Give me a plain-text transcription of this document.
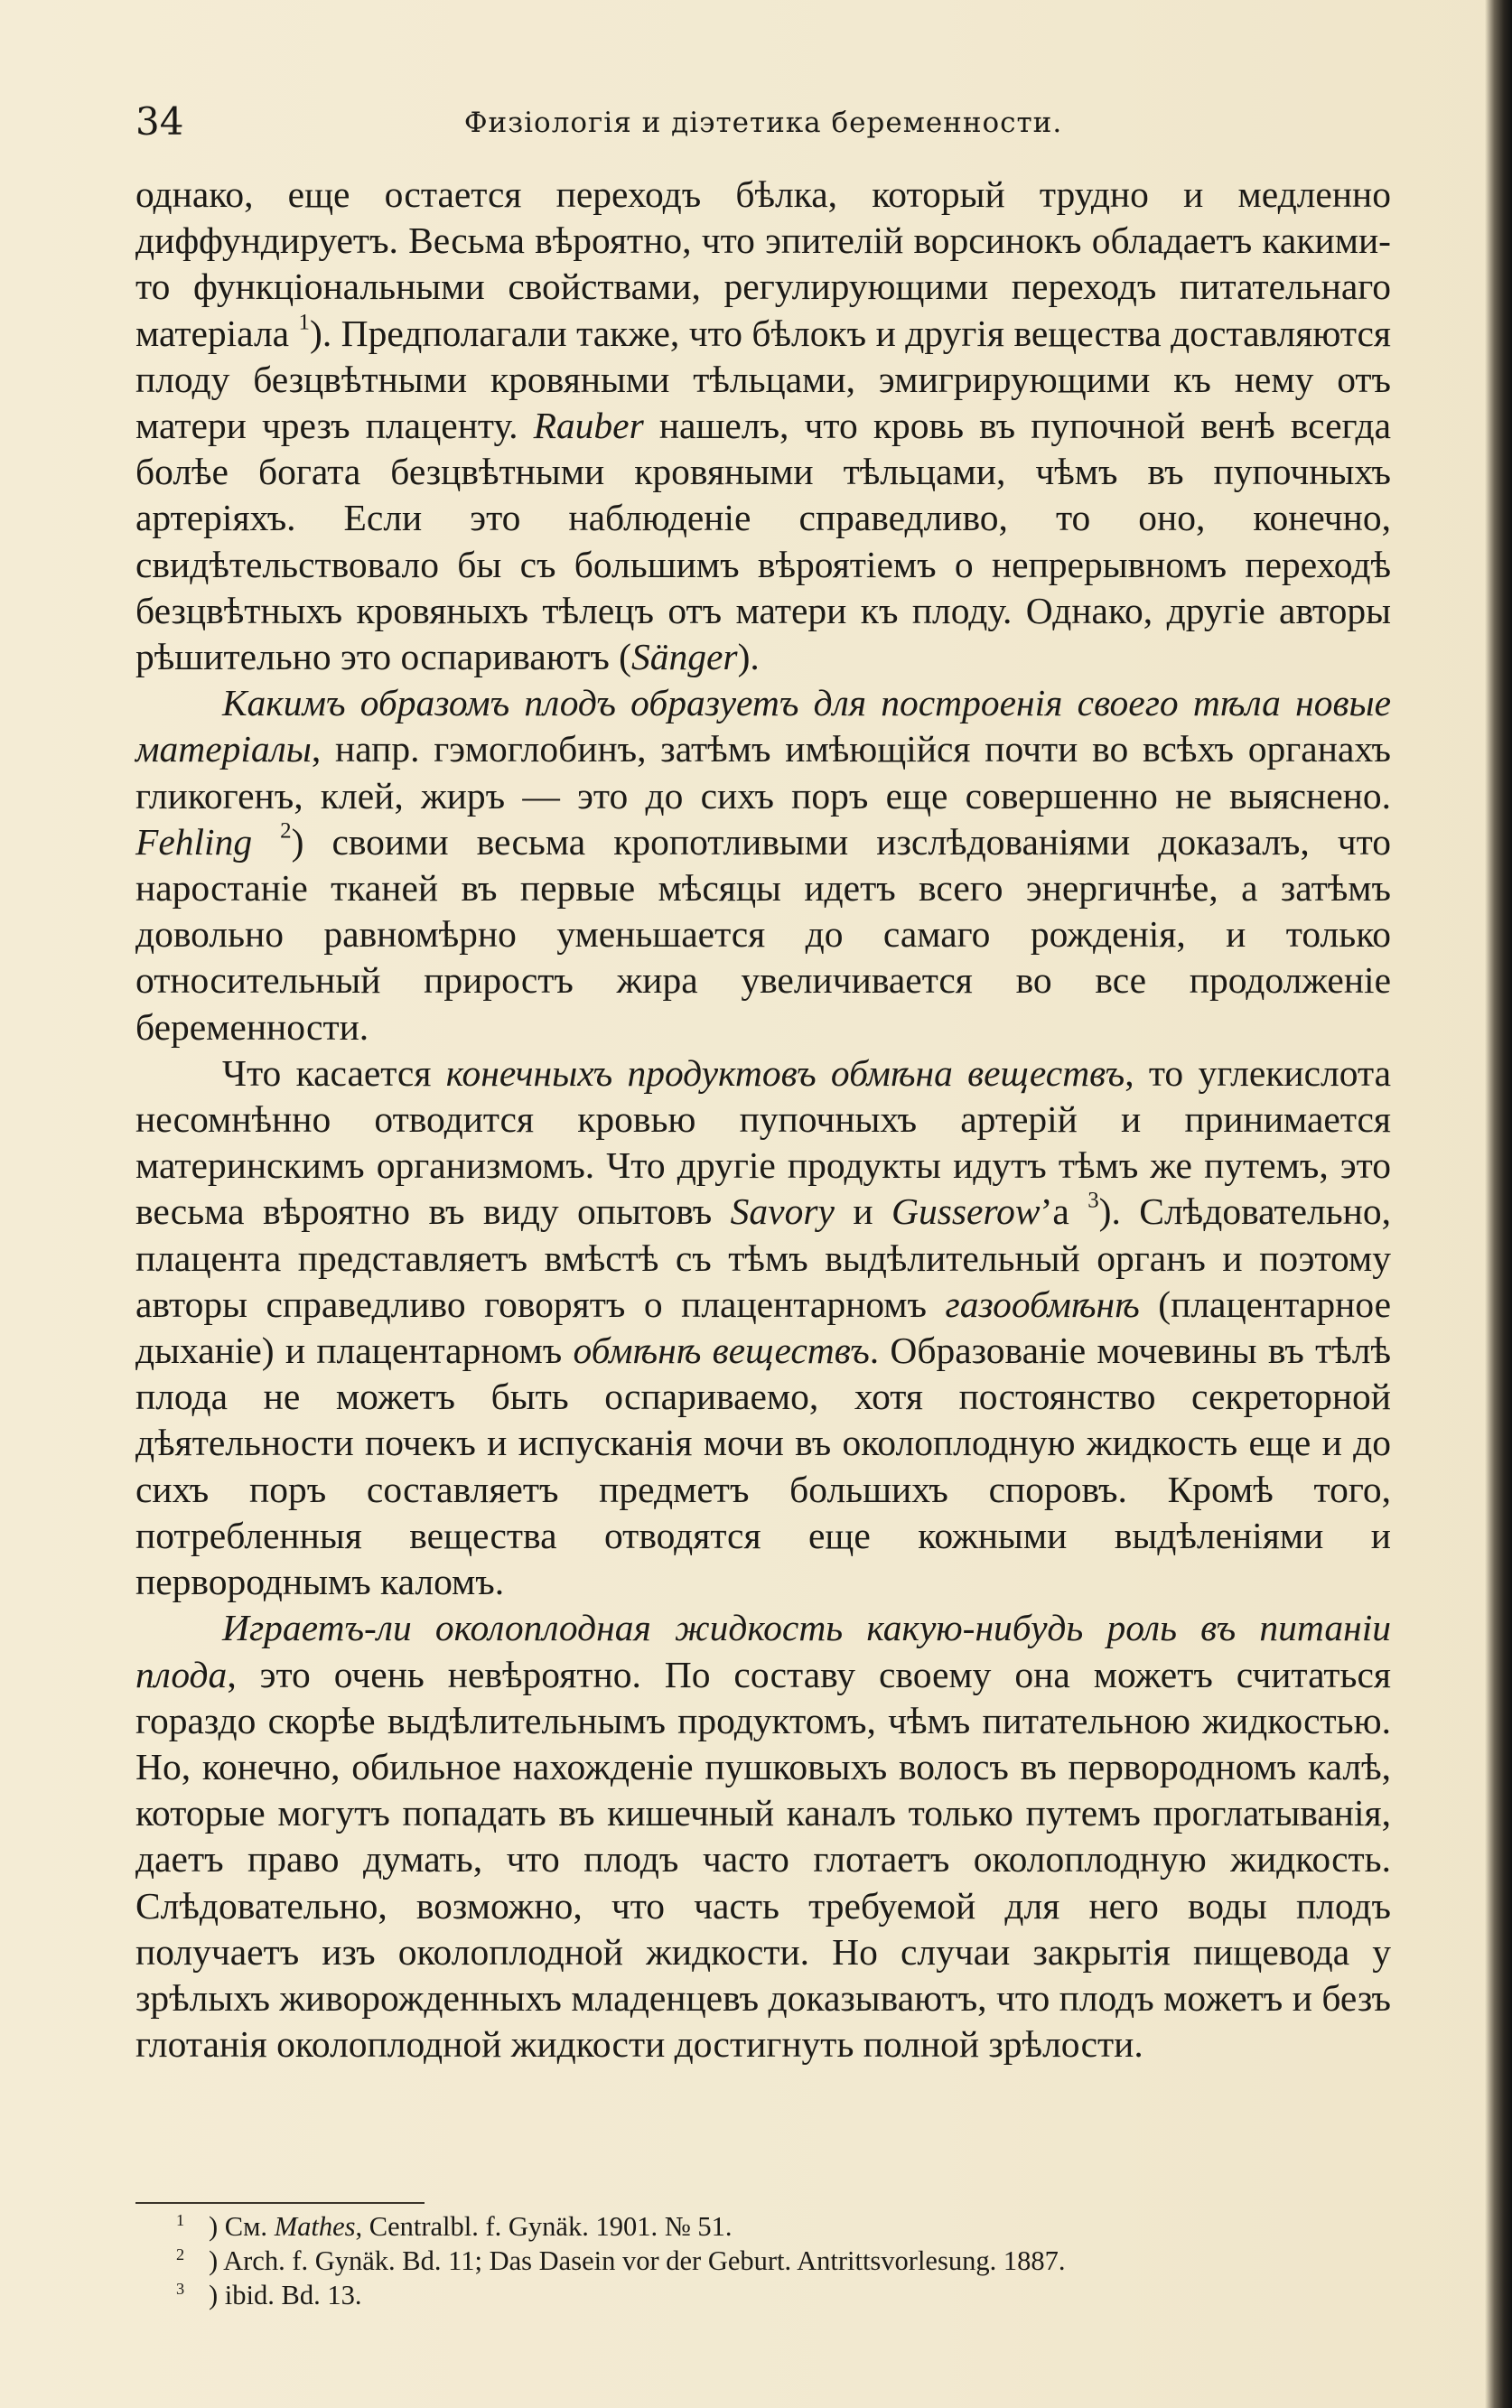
34	Физіологія и діэтетика беременности.

однако, еще остается переходъ бѣлка, который трудно и медленно диффундируетъ. Весьма вѣроятно, что эпителій ворсинокъ обладаетъ какими-то функціональными свойствами, регулирующими переходъ питательнаго матеріала $^1$). Предполагали также, что бѣлокъ и другія вещества доставляются плоду безцвѣтными кровяными тѣльцами, эмигрирующими къ нему отъ матери чрезъ плаценту. Rauber нашелъ, что кровь въ пупочной венѣ всегда болѣе богата безцвѣтными кровяными тѣльцами, чѣмъ въ пупочныхъ артеріяхъ. Если это наблюденіе справедливо, то оно, конечно, свидѣтельствовало бы съ большимъ вѣроятіемъ о непрерывномъ переходѣ безцвѣтныхъ кровяныхъ тѣлецъ отъ матери къ плоду. Однако, другіе авторы рѣшительно это оспариваютъ (Sänger).

Какимъ образомъ плодъ образуетъ для построенія своего тѣла новые матеріалы, напр. гэмоглобинъ, затѣмъ имѣющійся почти во всѣхъ органахъ гликогенъ, клей, жиръ — это до сихъ поръ еще совершенно не выяснено. Fehling $^2$) своими весьма кропотливыми изслѣдованіями доказалъ, что наростаніе тканей въ первые мѣсяцы идетъ всего энергичнѣе, а затѣмъ довольно равномѣрно уменьшается до самаго рожденія, и только относительный приростъ жира увеличивается во все продолженіе беременности.

Что касается конечныхъ продуктовъ обмѣна веществъ, то углекислота несомнѣнно отводится кровью пупочныхъ артерій и принимается материнскимъ организмомъ. Что другіе продукты идутъ тѣмъ же путемъ, это весьма вѣроятно въ виду опытовъ Savory и Gusserow’а $^3$). Слѣдовательно, плацента представляетъ вмѣстѣ съ тѣмъ выдѣлительный органъ и поэтому авторы справедливо говорятъ о плацентарномъ газообмѣнѣ (плацентарное дыханіе) и плацентарномъ обмѣнѣ веществъ. Образованіе мочевины въ тѣлѣ плода не можетъ быть оспариваемо, хотя постоянство секреторной дѣятельности почекъ и испусканія мочи въ околоплодную жидкость еще и до сихъ поръ составляетъ предметъ большихъ споровъ. Кромѣ того, потребленныя вещества отводятся еще кожными выдѣленіями и первороднымъ каломъ.

Играетъ-ли околоплодная жидкость какую-нибудь роль въ питаніи плода, это очень невѣроятно. По составу своему она можетъ считаться гораздо скорѣе выдѣлительнымъ продуктомъ, чѣмъ питательною жидкостью. Но, конечно, обильное нахожденіе пушковыхъ волосъ въ первородномъ калѣ, которые могутъ попадать въ кишечный каналъ только путемъ проглатыванія, даетъ право думать, что плодъ часто глотаетъ околоплодную жидкость. Слѣдовательно, возможно, что часть требуемой для него воды плодъ получаетъ изъ околоплодной жидкости. Но случаи закрытія пищевода у зрѣлыхъ живорожденныхъ младенцевъ доказываютъ, что плодъ можетъ и безъ глотанія околоплодной жидкости достигнуть полной зрѣлости.

$^1$ ) См. Mathes, Centralbl. f. Gynäk. 1901. № 51.
$^2$ ) Arch. f. Gynäk. Bd. 11; Das Dasein vor der Geburt. Antrittsvorlesung. 1887.
$^3$ ) ibid. Bd. 13.
